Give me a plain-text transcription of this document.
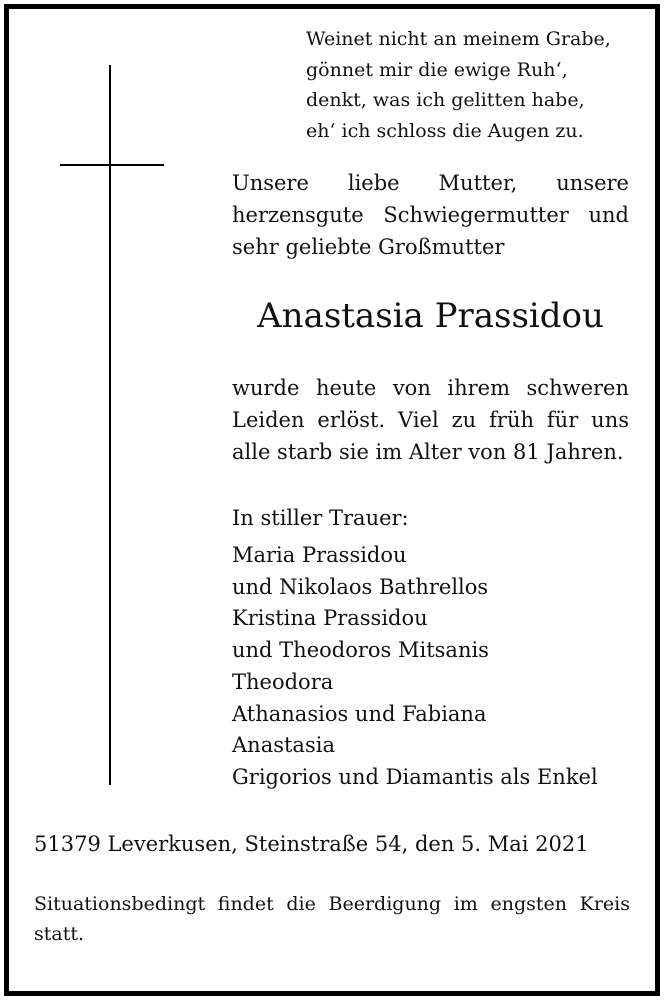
Weinet nicht an meinem Grabe,
gönnet mir die ewige Ruh‘,
denkt, was ich gelitten habe,
eh‘ ich schloss die Augen zu.
Unsere liebe Mutter, unsere herzensgute Schwiegermutter und sehr geliebte Großmutter
Anastasia Prassidou
wurde heute von ihrem schweren Leiden erlöst. Viel zu früh für uns alle starb sie im Alter von 81 Jahren.
In stiller Trauer:
Maria Prassidou
und Nikolaos Bathrellos
Kristina Prassidou
und Theodoros Mitsanis
Theodora
Athanasios und Fabiana
Anastasia
Grigorios und Diamantis als Enkel
51379 Leverkusen, Steinstraße 54, den 5. Mai 2021
Situationsbedingt findet die Beerdigung im engsten Kreis statt.
